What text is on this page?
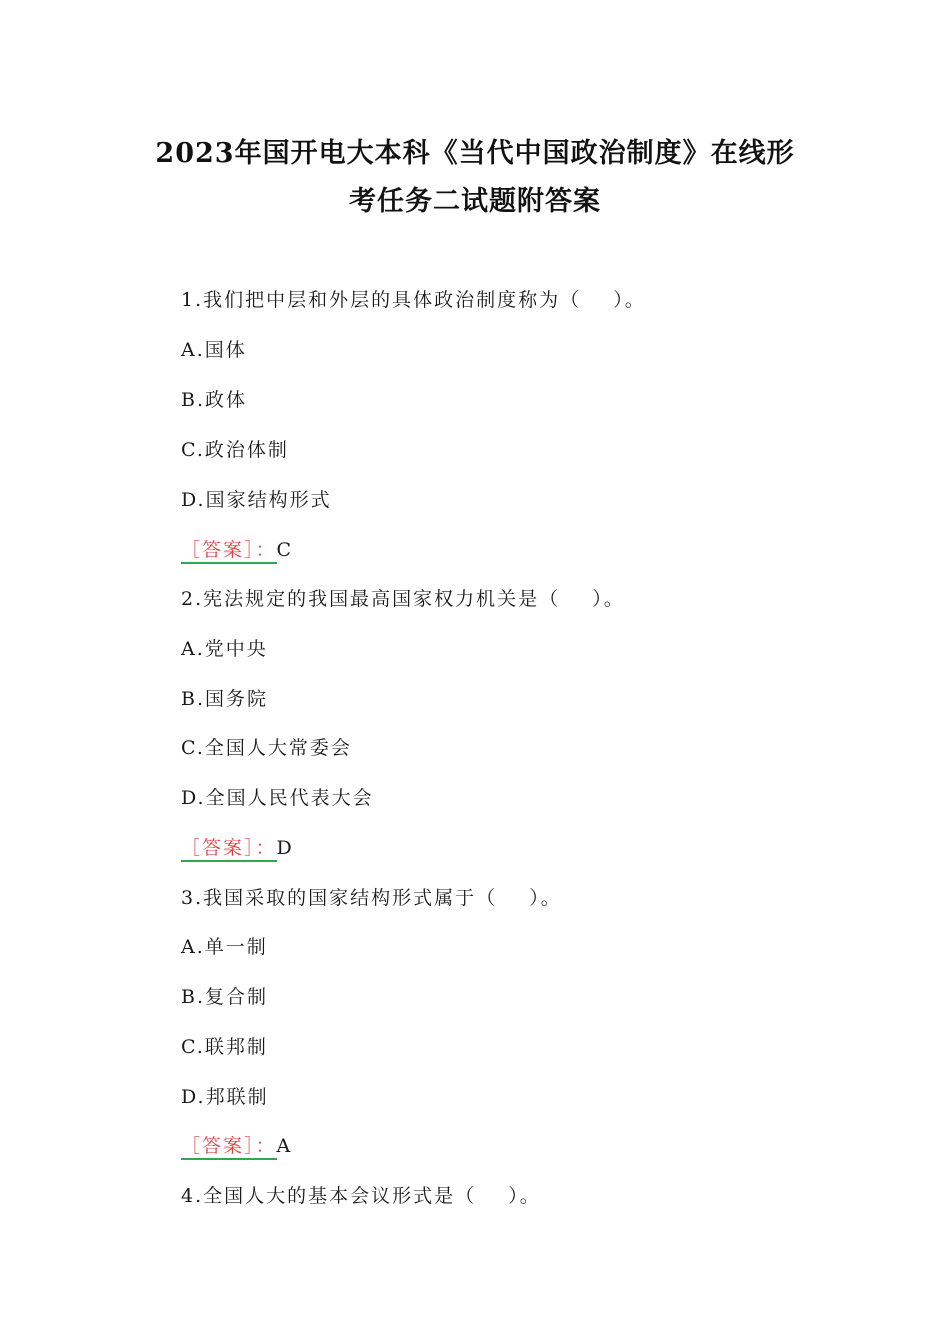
2023年国开电大本科《当代中国政治制度》在线形
考任务二试题附答案
1.我们把中层和外层的具体政治制度称为（    ）。
A.国体
B.政体
C.政治体制
D.国家结构形式
［答案］：C
2.宪法规定的我国最高国家权力机关是（    ）。
A.党中央
B.国务院
C.全国人大常委会
D.全国人民代表大会
［答案］：D
3.我国采取的国家结构形式属于（    ）。
A.单一制
B.复合制
C.联邦制
D.邦联制
［答案］：A
4.全国人大的基本会议形式是（    ）。
